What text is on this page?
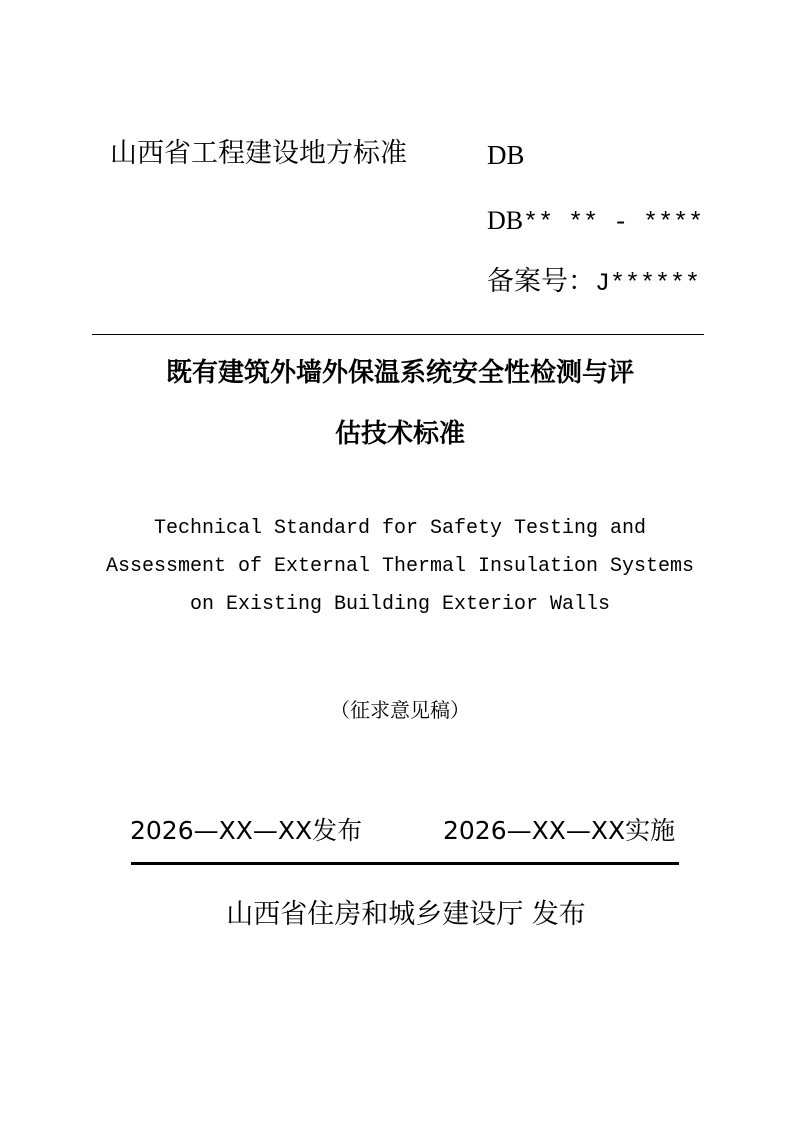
山西省工程建设地方标准	DB
DB** ** - ****
备案号：J******
既有建筑外墙外保温系统安全性检测与评
估技术标准
Technical Standard for Safety Testing and
Assessment of External Thermal Insulation Systems
on Existing Building Exterior Walls
（征求意见稿）
2026—XX—XX发布	2026—XX—XX实施
山西省住房和城乡建设厅 发布
